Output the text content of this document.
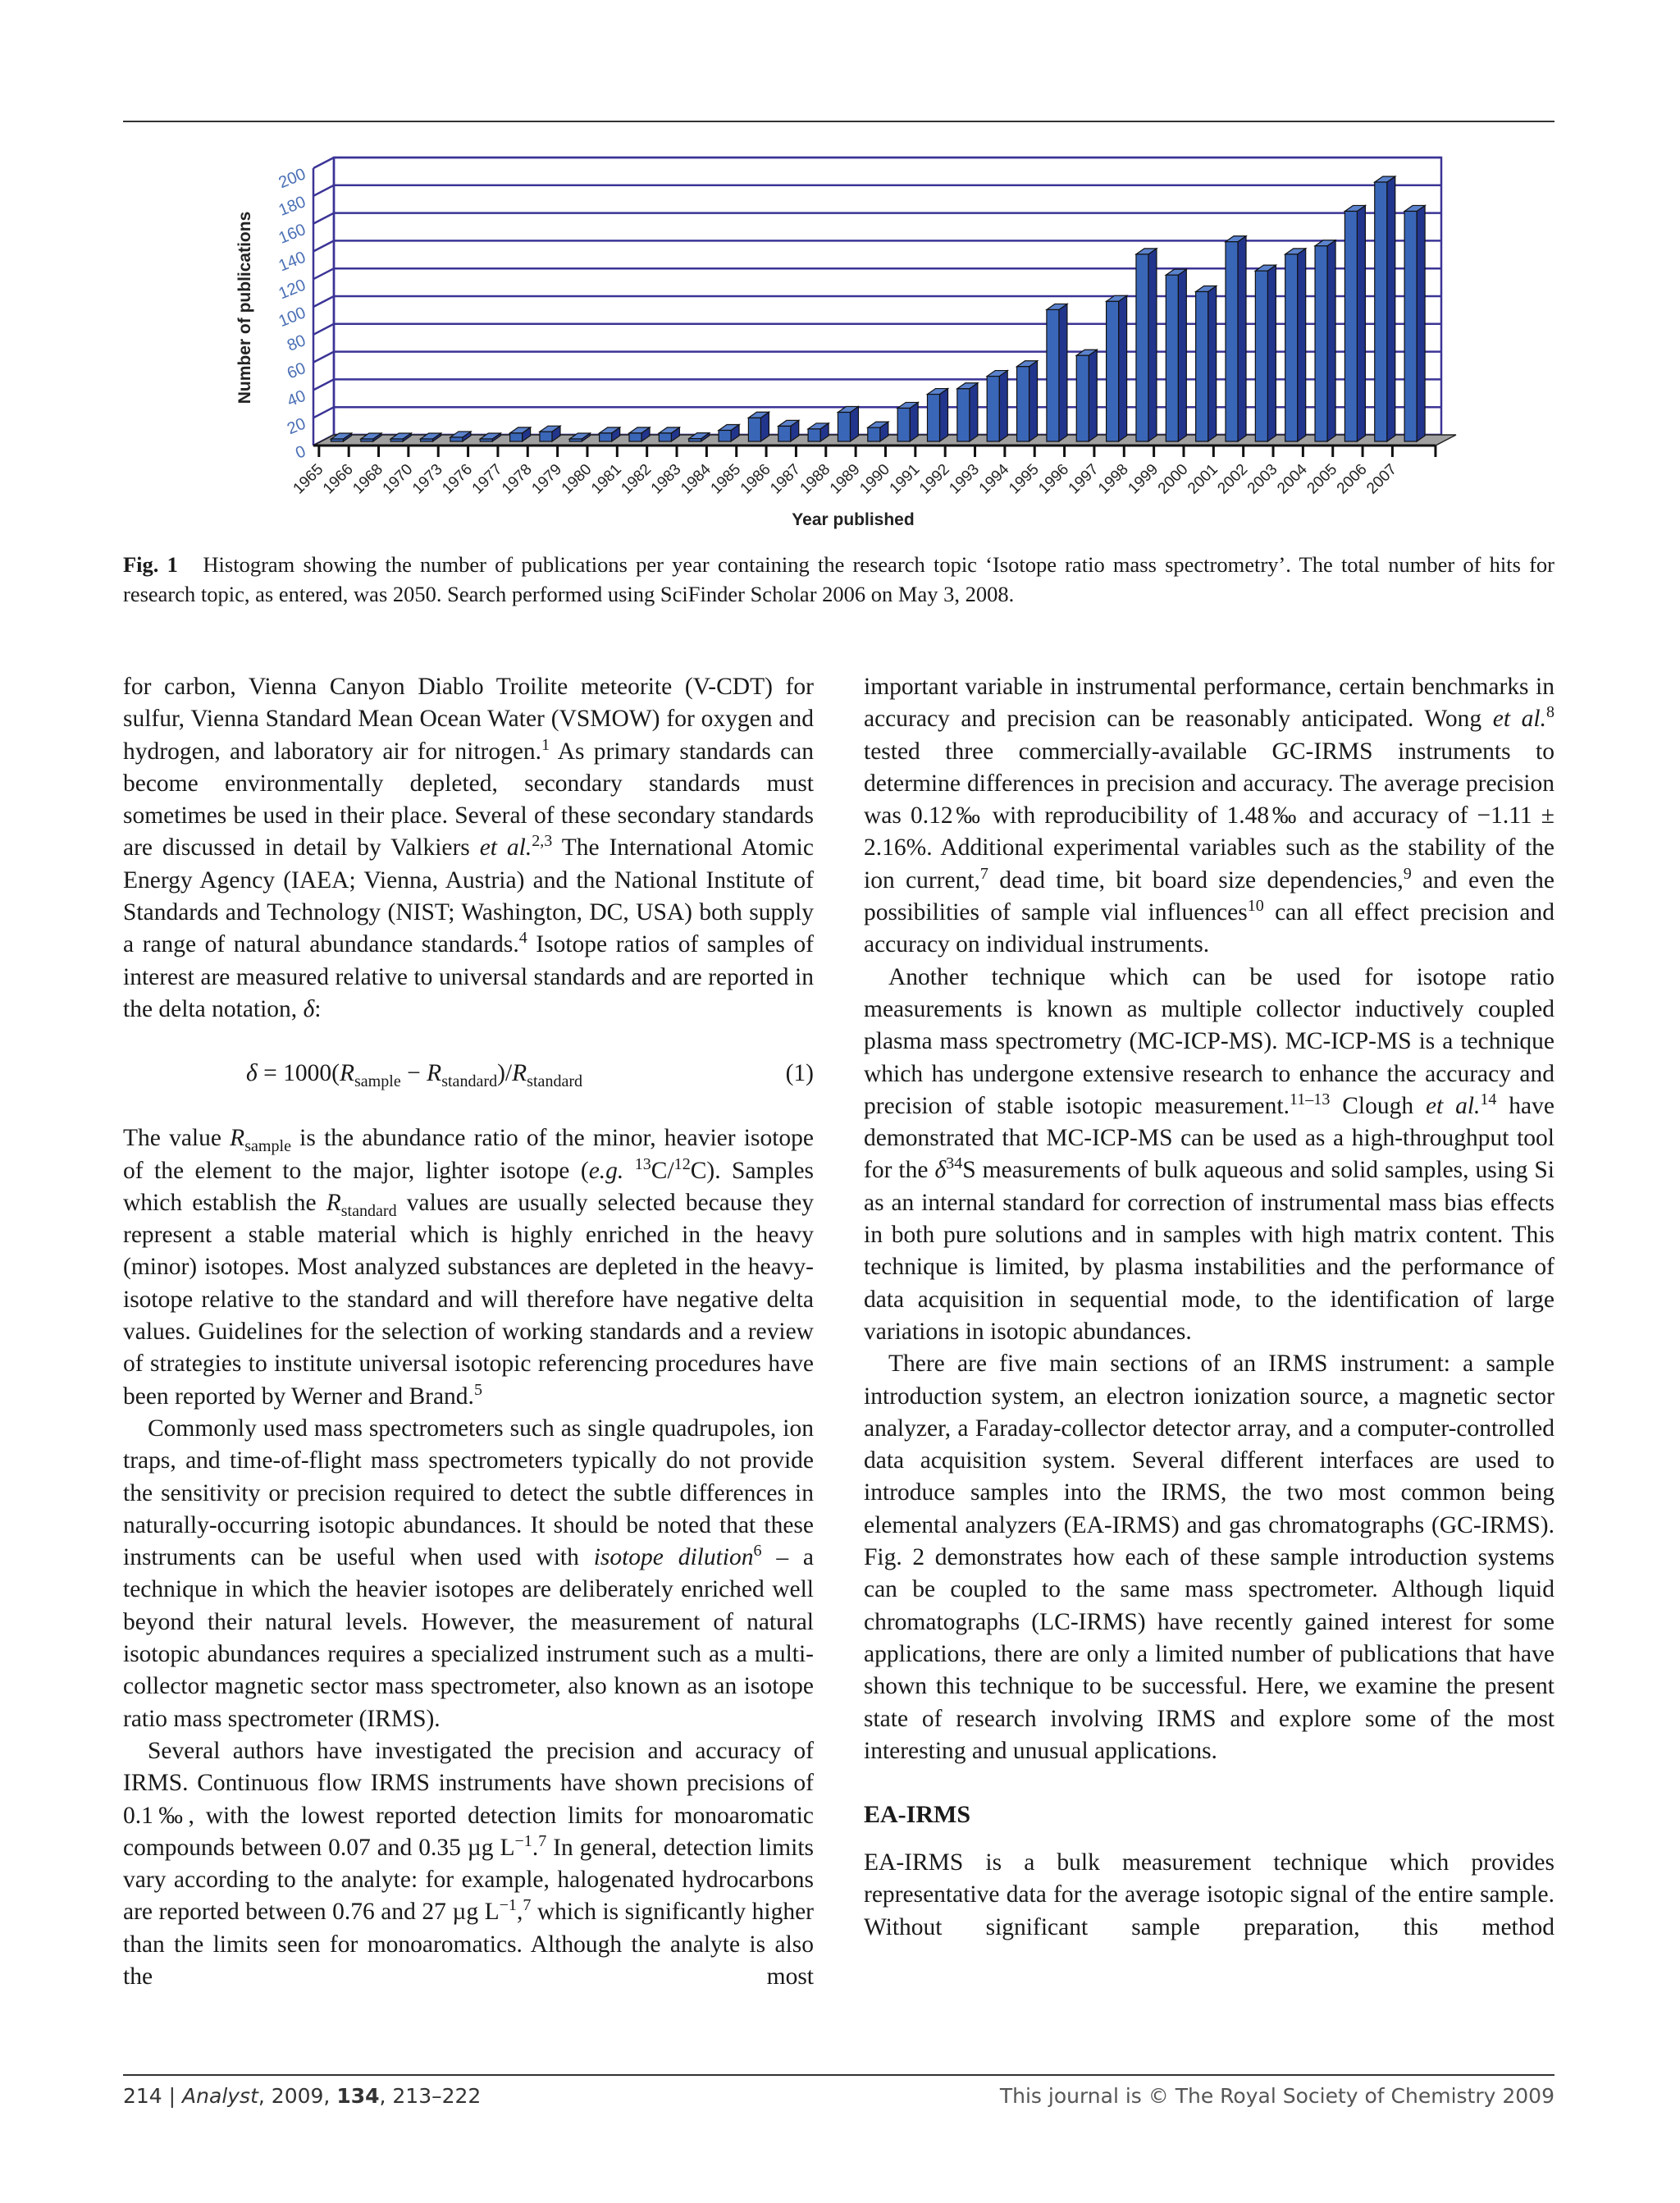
0
20
40
60
80
100
120
140
160
180
200
1965
1966
1968
1970
1973
1976
1977
1978
1979
1980
1981
1982
1983
1984
1985
1986
1987
1988
1989
1990
1991
1992
1993
1994
1995
1996
1997
1998
1999
2000
2001
2002
2003
2004
2005
2006
2007
Year published
Number of publications
Fig. 1 Histogram showing the number of publications per year containing the research topic ‘Isotope ratio mass spectrometry’. The total number of hits for research topic, as entered, was 2050. Search performed using SciFinder Scholar 2006 on May 3, 2008.

for carbon, Vienna Canyon Diablo Troilite meteorite (V-CDT) for sulfur, Vienna Standard Mean Ocean Water (VSMOW) for oxygen and hydrogen, and laboratory air for nitrogen.$^1$ As primary standards can become environmentally depleted, secondary standards must sometimes be used in their place. Several of these secondary standards are discussed in detail by Valkiers et al.$^{2,3}$ The International Atomic Energy Agency (IAEA; Vienna, Austria) and the National Institute of Standards and Technology (NIST; Washington, DC, USA) both supply a range of natural abundance standards.$^4$ Isotope ratios of samples of interest are measured relative to universal standards and are reported in the delta notation, δ:

$\delta = 1000(R_{sample} - R_{standard})/R_{standard}$	(1)

The value $R_{sample}$ is the abundance ratio of the minor, heavier isotope of the element to the major, lighter isotope (e.g. $^{13}$C/$^{12}$C). Samples which establish the $R_{standard}$ values are usually selected because they represent a stable material which is highly enriched in the heavy (minor) isotopes. Most analyzed substances are depleted in the heavy-isotope relative to the standard and will therefore have negative delta values. Guidelines for the selection of working standards and a review of strategies to institute universal isotopic referencing procedures have been reported by Werner and Brand.$^5$

Commonly used mass spectrometers such as single quadrupoles, ion traps, and time-of-flight mass spectrometers typically do not provide the sensitivity or precision required to detect the subtle differences in naturally-occurring isotopic abundances. It should be noted that these instruments can be useful when used with isotope dilution$^6$ – a technique in which the heavier isotopes are deliberately enriched well beyond their natural levels. However, the measurement of natural isotopic abundances requires a specialized instrument such as a multi-collector magnetic sector mass spectrometer, also known as an isotope ratio mass spectrometer (IRMS).

Several authors have investigated the precision and accuracy of IRMS. Continuous flow IRMS instruments have shown precisions of 0.1‰, with the lowest reported detection limits for monoaromatic compounds between 0.07 and 0.35 µg $L^{-1}.^7$ In general, detection limits vary according to the analyte: for example, halogenated hydrocarbons are reported between 0.76 and 27 µg $L^{-1},^7$ which is significantly higher than the limits seen for monoaromatics. Although the analyte is also the most

important variable in instrumental performance, certain benchmarks in accuracy and precision can be reasonably anticipated. Wong et al.$^8$ tested three commercially-available GC-IRMS instruments to determine differences in precision and accuracy. The average precision was 0.12‰ with reproducibility of 1.48‰ and accuracy of −1.11 ± 2.16%. Additional experimental variables such as the stability of the ion current,$^7$ dead time, bit board size dependencies,$^9$ and even the possibilities of sample vial influences$^{10}$ can all effect precision and accuracy on individual instruments.

Another technique which can be used for isotope ratio measurements is known as multiple collector inductively coupled plasma mass spectrometry (MC-ICP-MS). MC-ICP-MS is a technique which has undergone extensive research to enhance the accuracy and precision of stable isotopic measurement.$^{11-13}$ Clough et al.$^{14}$ have demonstrated that MC-ICP-MS can be used as a high-throughput tool for the $\delta^{34}S$ measurements of bulk aqueous and solid samples, using Si as an internal standard for correction of instrumental mass bias effects in both pure solutions and in samples with high matrix content. This technique is limited, by plasma instabilities and the performance of data acquisition in sequential mode, to the identification of large variations in isotopic abundances.

There are five main sections of an IRMS instrument: a sample introduction system, an electron ionization source, a magnetic sector analyzer, a Faraday-collector detector array, and a computer-controlled data acquisition system. Several different interfaces are used to introduce samples into the IRMS, the two most common being elemental analyzers (EA-IRMS) and gas chromatographs (GC-IRMS). Fig. 2 demonstrates how each of these sample introduction systems can be coupled to the same mass spectrometer. Although liquid chromatographs (LC-IRMS) have recently gained interest for some applications, there are only a limited number of publications that have shown this technique to be successful. Here, we examine the present state of research involving IRMS and explore some of the most interesting and unusual applications.

EA-IRMS

EA-IRMS is a bulk measurement technique which provides representative data for the average isotopic signal of the entire sample. Without significant sample preparation, this method

214 | Analyst, 2009, 134, 213–222	This journal is © The Royal Society of Chemistry 2009
